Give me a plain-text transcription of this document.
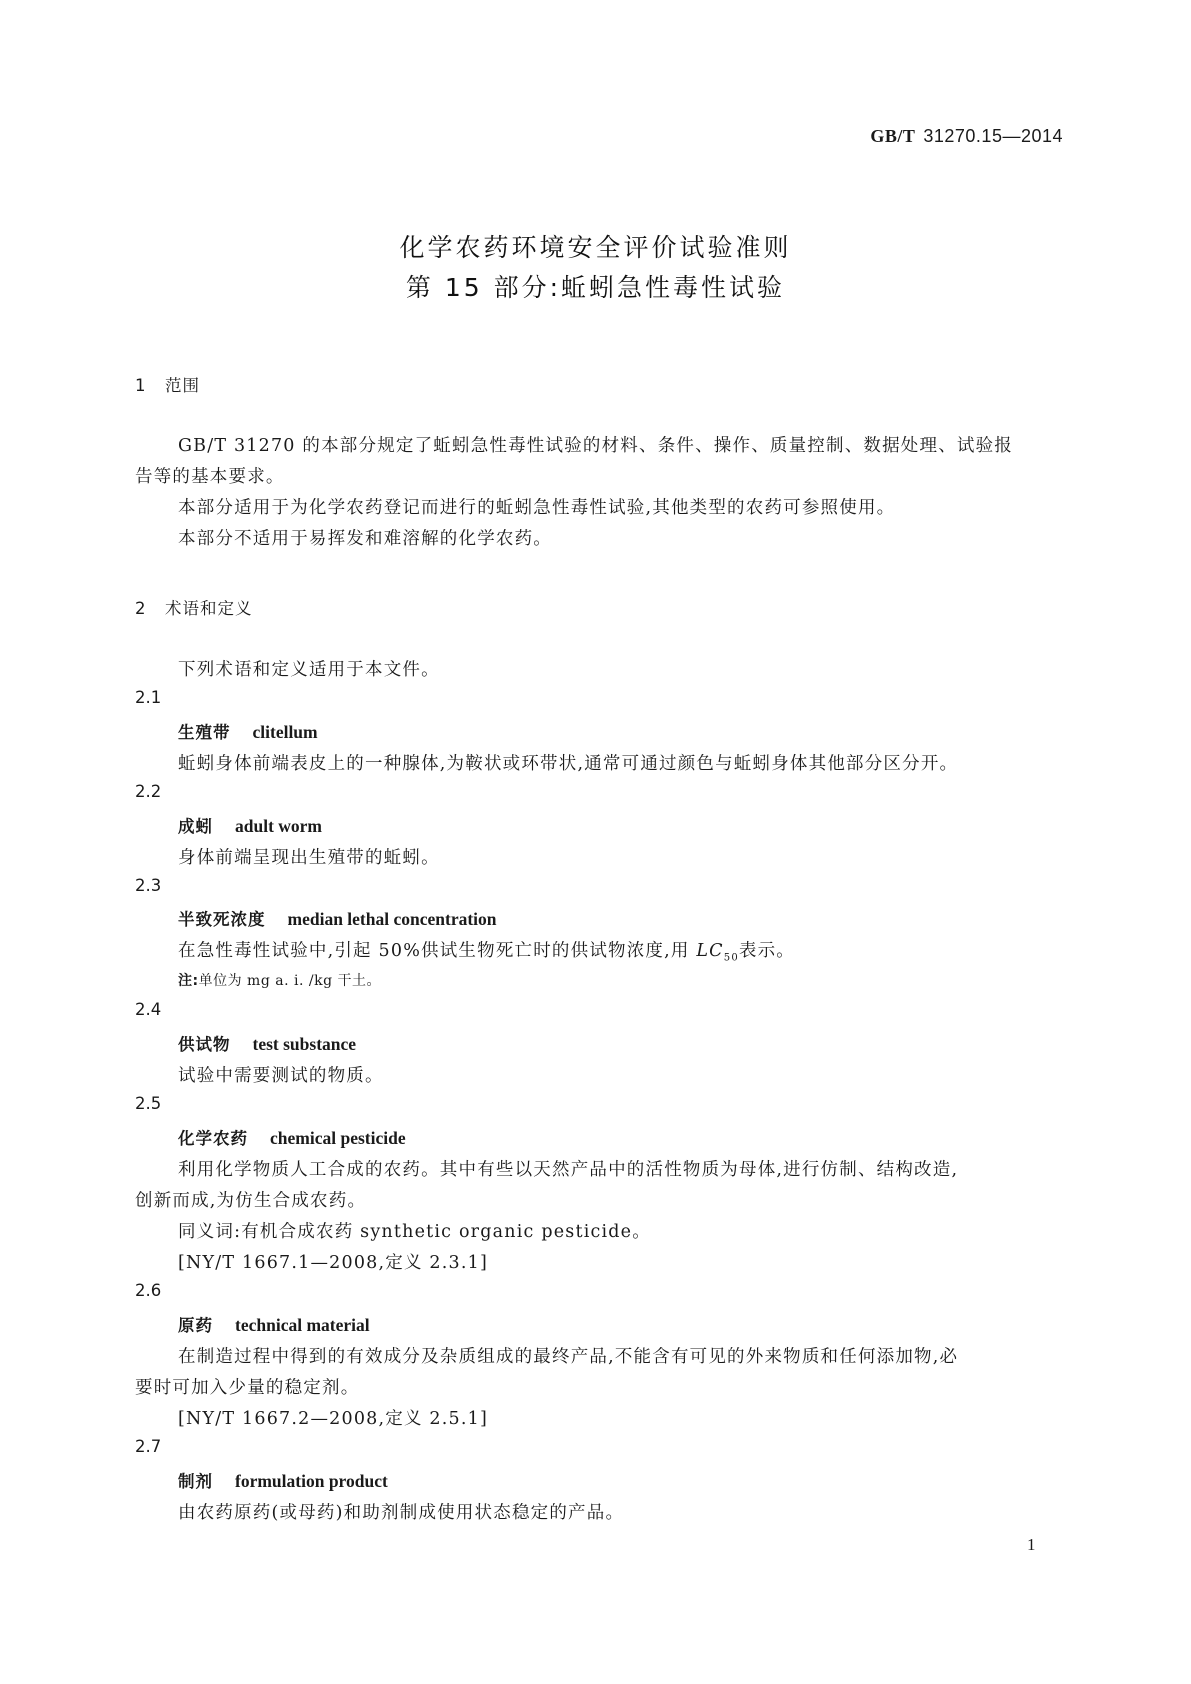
GB/T 31270.15—2014
化学农药环境安全评价试验准则
第 15 部分:蚯蚓急性毒性试验
1 范围
GB/T 31270 的本部分规定了蚯蚓急性毒性试验的材料、条件、操作、质量控制、数据处理、试验报
告等的基本要求。
本部分适用于为化学农药登记而进行的蚯蚓急性毒性试验,其他类型的农药可参照使用。
本部分不适用于易挥发和难溶解的化学农药。
2 术语和定义
下列术语和定义适用于本文件。
2.1
生殖带 clitellum
蚯蚓身体前端表皮上的一种腺体,为鞍状或环带状,通常可通过颜色与蚯蚓身体其他部分区分开。
2.2
成蚓 adult worm
身体前端呈现出生殖带的蚯蚓。
2.3
半致死浓度 median lethal concentration
在急性毒性试验中,引起 50%供试生物死亡时的供试物浓度,用 $LC_{50}$表示。
注:单位为 mg a. i. /kg 干土。
2.4
供试物 test substance
试验中需要测试的物质。
2.5
化学农药 chemical pesticide
利用化学物质人工合成的农药。其中有些以天然产品中的活性物质为母体,进行仿制、结构改造,
创新而成,为仿生合成农药。
同义词:有机合成农药 synthetic organic pesticide。
[NY/T 1667.1—2008,定义 2.3.1]
2.6
原药 technical material
在制造过程中得到的有效成分及杂质组成的最终产品,不能含有可见的外来物质和任何添加物,必
要时可加入少量的稳定剂。
[NY/T 1667.2—2008,定义 2.5.1]
2.7
制剂 formulation product
由农药原药(或母药)和助剂制成使用状态稳定的产品。
1
